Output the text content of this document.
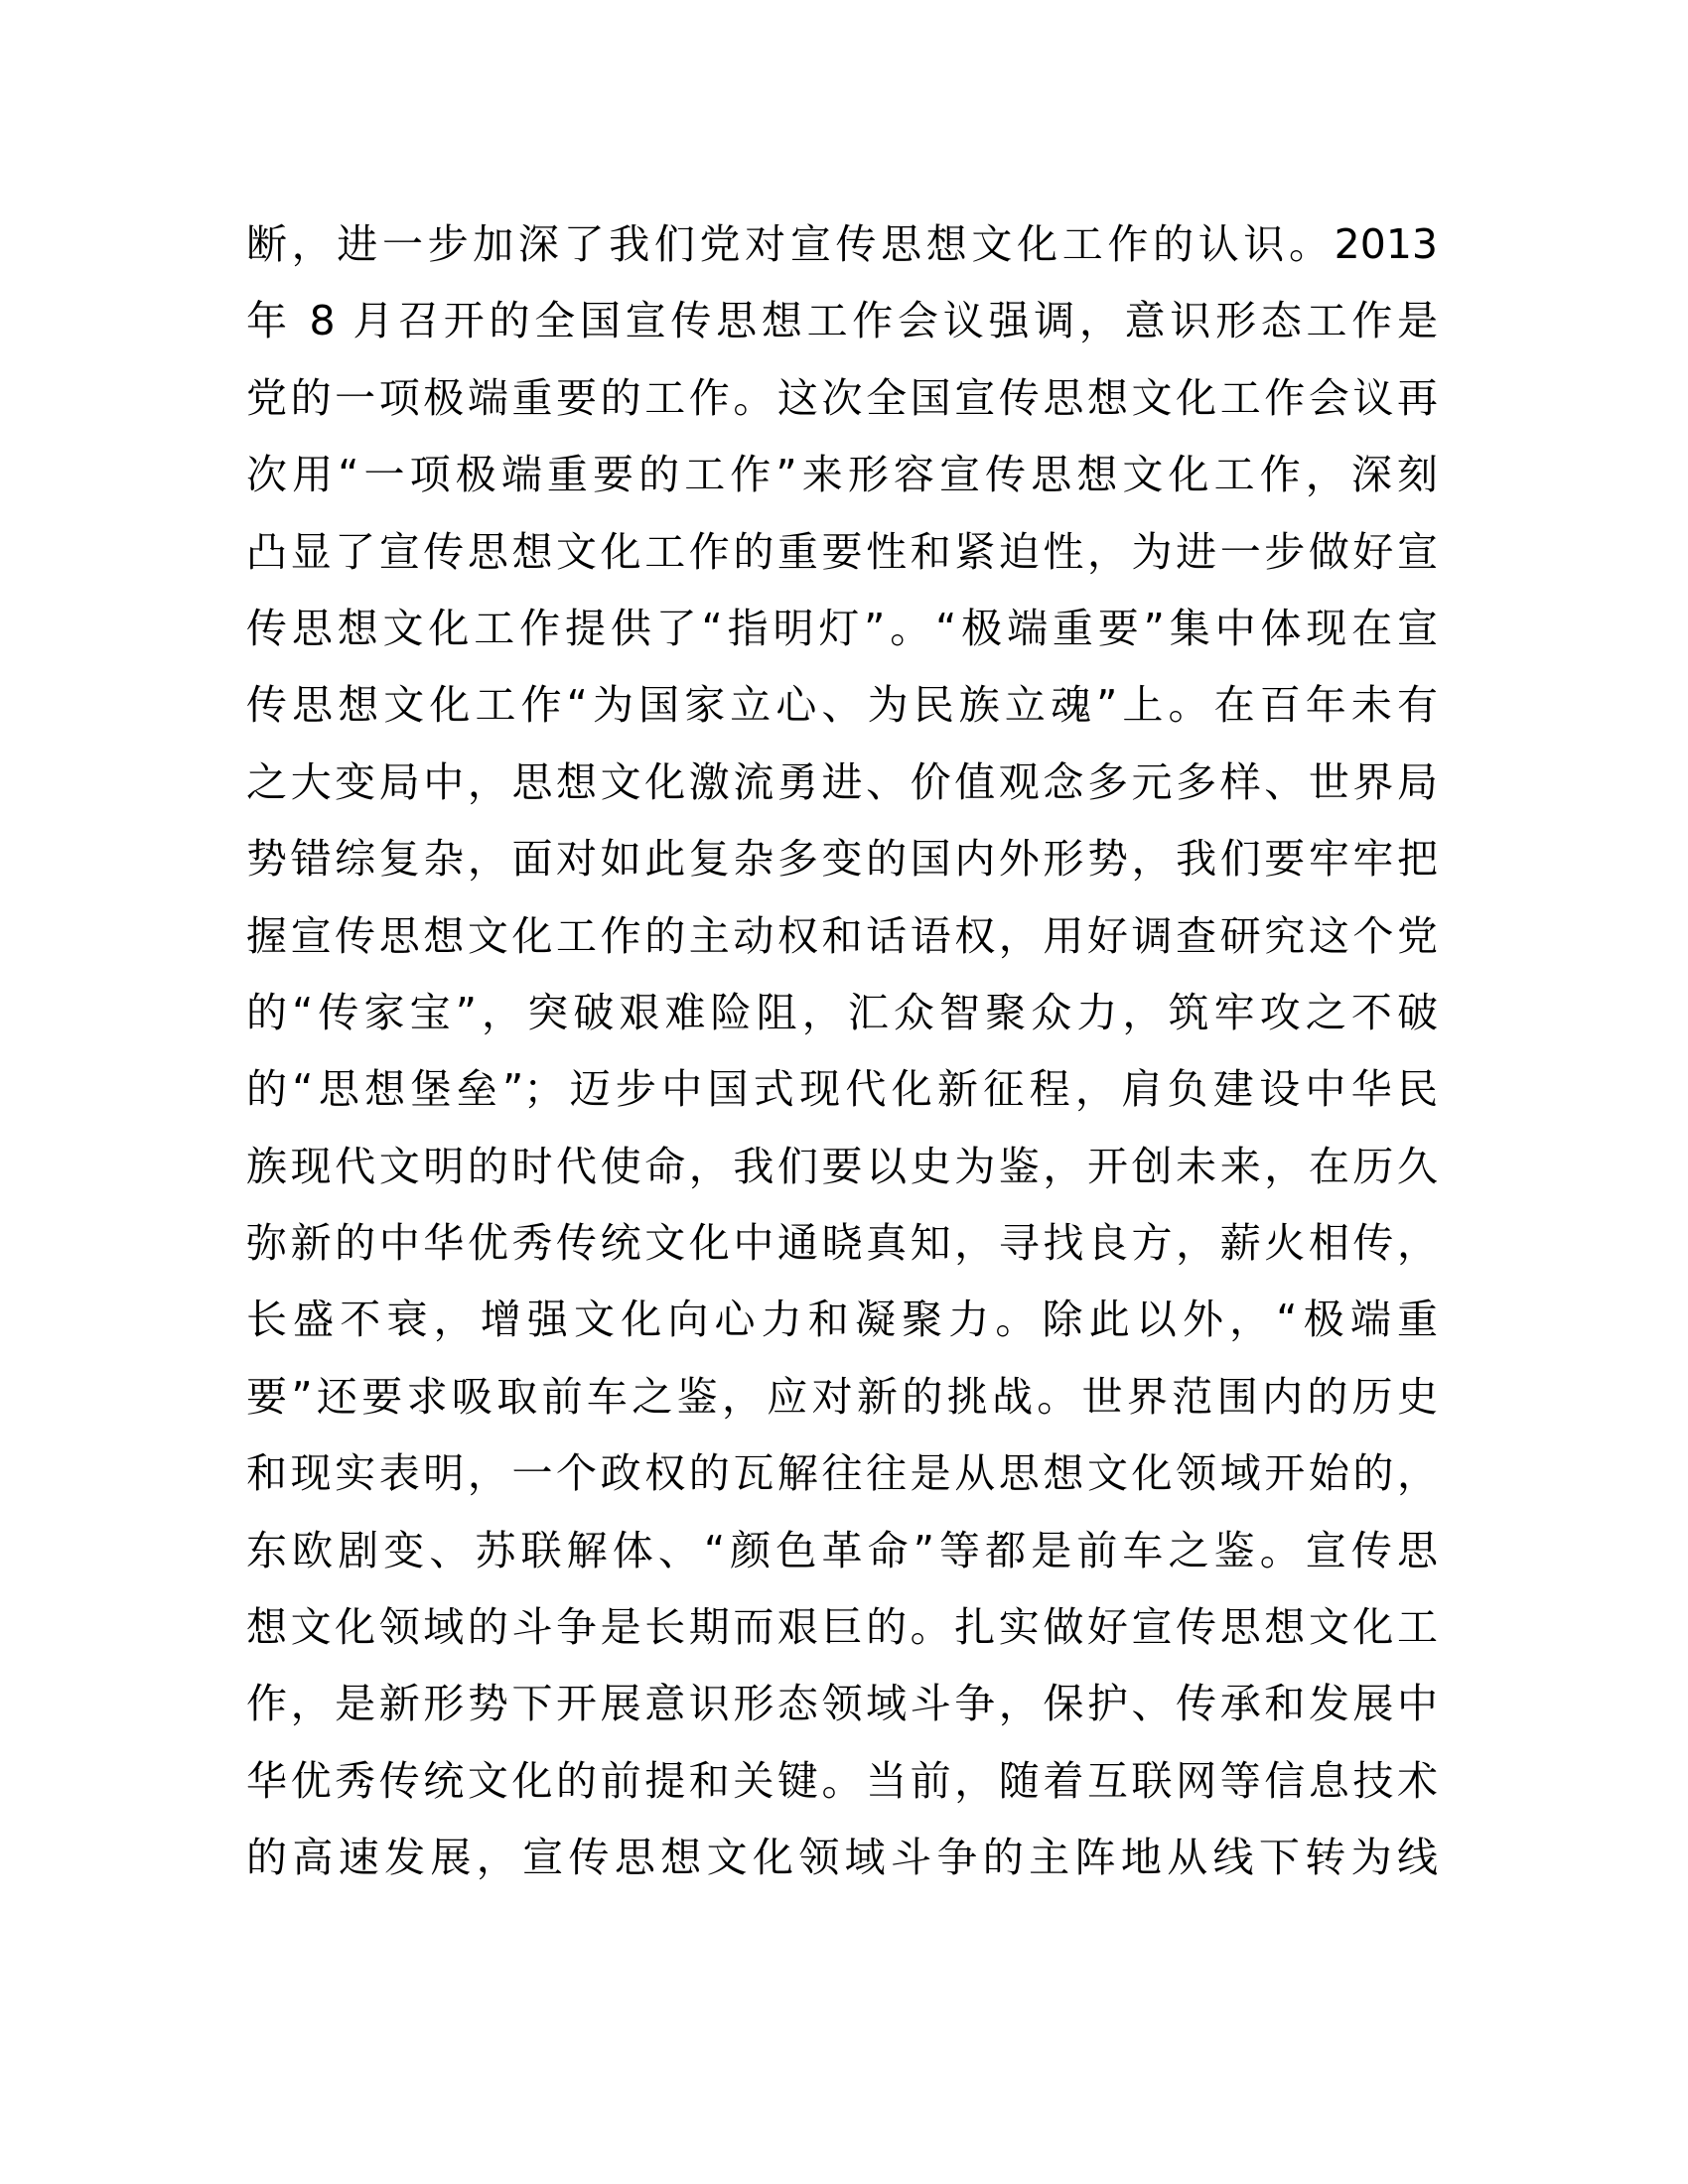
断，进一步加深了我们党对宣传思想文化工作的认识。2013
年 8 月召开的全国宣传思想工作会议强调，意识形态工作是
党的一项极端重要的工作。这次全国宣传思想文化工作会议再
次用“一项极端重要的工作”来形容宣传思想文化工作，深刻
凸显了宣传思想文化工作的重要性和紧迫性，为进一步做好宣
传思想文化工作提供了“指明灯”。“极端重要”集中体现在宣
传思想文化工作“为国家立心、为民族立魂”上。在百年未有
之大变局中，思想文化激流勇进、价值观念多元多样、世界局
势错综复杂，面对如此复杂多变的国内外形势，我们要牢牢把
握宣传思想文化工作的主动权和话语权，用好调查研究这个党
的“传家宝”，突破艰难险阻，汇众智聚众力，筑牢攻之不破
的“思想堡垒”；迈步中国式现代化新征程，肩负建设中华民
族现代文明的时代使命，我们要以史为鉴，开创未来，在历久
弥新的中华优秀传统文化中通晓真知，寻找良方，薪火相传，
长盛不衰，增强文化向心力和凝聚力。除此以外，“极端重
要”还要求吸取前车之鉴，应对新的挑战。世界范围内的历史
和现实表明，一个政权的瓦解往往是从思想文化领域开始的，
东欧剧变、苏联解体、“颜色革命”等都是前车之鉴。宣传思
想文化领域的斗争是长期而艰巨的。扎实做好宣传思想文化工
作，是新形势下开展意识形态领域斗争，保护、传承和发展中
华优秀传统文化的前提和关键。当前，随着互联网等信息技术
的高速发展，宣传思想文化领域斗争的主阵地从线下转为线
